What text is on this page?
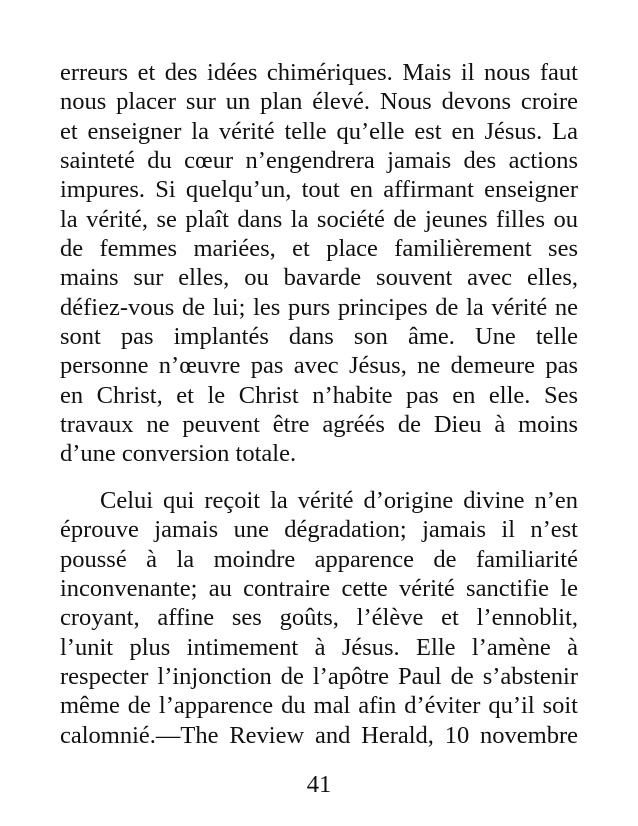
erreurs et des idées chimériques. Mais il nous faut
nous placer sur un plan élevé. Nous devons croire
et enseigner la vérité telle qu’elle est en Jésus. La
sainteté du cœur n’engendrera jamais des actions
impures. Si quelqu’un, tout en affirmant enseigner
la vérité, se plaît dans la société de jeunes filles ou
de femmes mariées, et place familièrement ses
mains sur elles, ou bavarde souvent avec elles,
défiez-vous de lui; les purs principes de la vérité ne
sont pas implantés dans son âme. Une telle
personne n’œuvre pas avec Jésus, ne demeure pas
en Christ, et le Christ n’habite pas en elle. Ses
travaux ne peuvent être agréés de Dieu à moins
d’une conversion totale.
Celui qui reçoit la vérité d’origine divine n’en
éprouve jamais une dégradation; jamais il n’est
poussé à la moindre apparence de familiarité
inconvenante; au contraire cette vérité sanctifie le
croyant, affine ses goûts, l’élève et l’ennoblit,
l’unit plus intimement à Jésus. Elle l’amène à
respecter l’injonction de l’apôtre Paul de s’abstenir
même de l’apparence du mal afin d’éviter qu’il soit
calomnié.—The Review and Herald, 10 novembre
41
